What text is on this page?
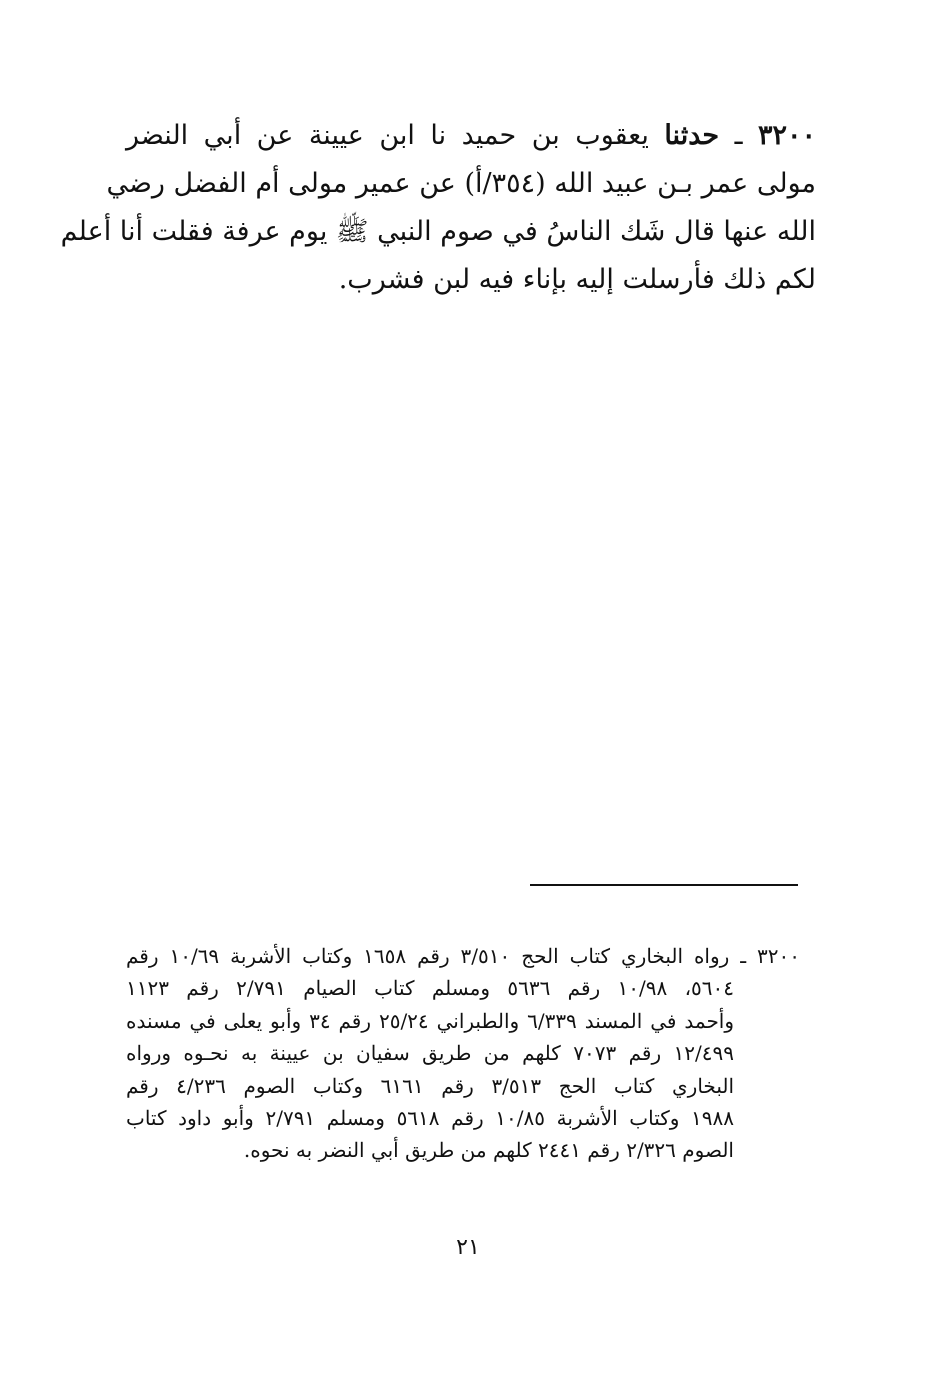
٣٢٠٠ ـ حدثنا يعقوب بن حميد نا ابن عيينة عن أبي النضر
مولى عمر بـن عبيد الله (٣٥٤/أ) عن عمير مولى أم الفضل رضي
الله عنها قال شَك الناسُ في صوم النبي ﷺ يوم عرفة فقلت أنا أعلم
لكم ذلك فأرسلت إليه بإناء فيه لبن فشرب.
٣٢٠٠ ـ رواه البخاري كتاب الحج ٣/٥١٠ رقم ١٦٥٨ وكتاب الأشربة ١٠/٦٩ رقم
٥٦٠٤، ١٠/٩٨ رقم ٥٦٣٦ ومسلم كتاب الصيام ٢/٧٩١ رقم ١١٢٣
وأحمد في المسند ٦/٣٣٩ والطبراني ٢٥/٢٤ رقم ٣٤ وأبو يعلى في مسنده
١٢/٤٩٩ رقم ٧٠٧٣ كلهم من طريق سفيان بن عيينة به نحـوه ورواه
البخاري كتاب الحج ٣/٥١٣ رقم ٦١٦١ وكتاب الصوم ٤/٢٣٦ رقم
١٩٨٨ وكتاب الأشربة ١٠/٨٥ رقم ٥٦١٨ ومسلم ٢/٧٩١ وأبو داود كتاب
الصوم ٢/٣٢٦ رقم ٢٤٤١ كلهم من طريق أبي النضر به نحوه.
٢١
